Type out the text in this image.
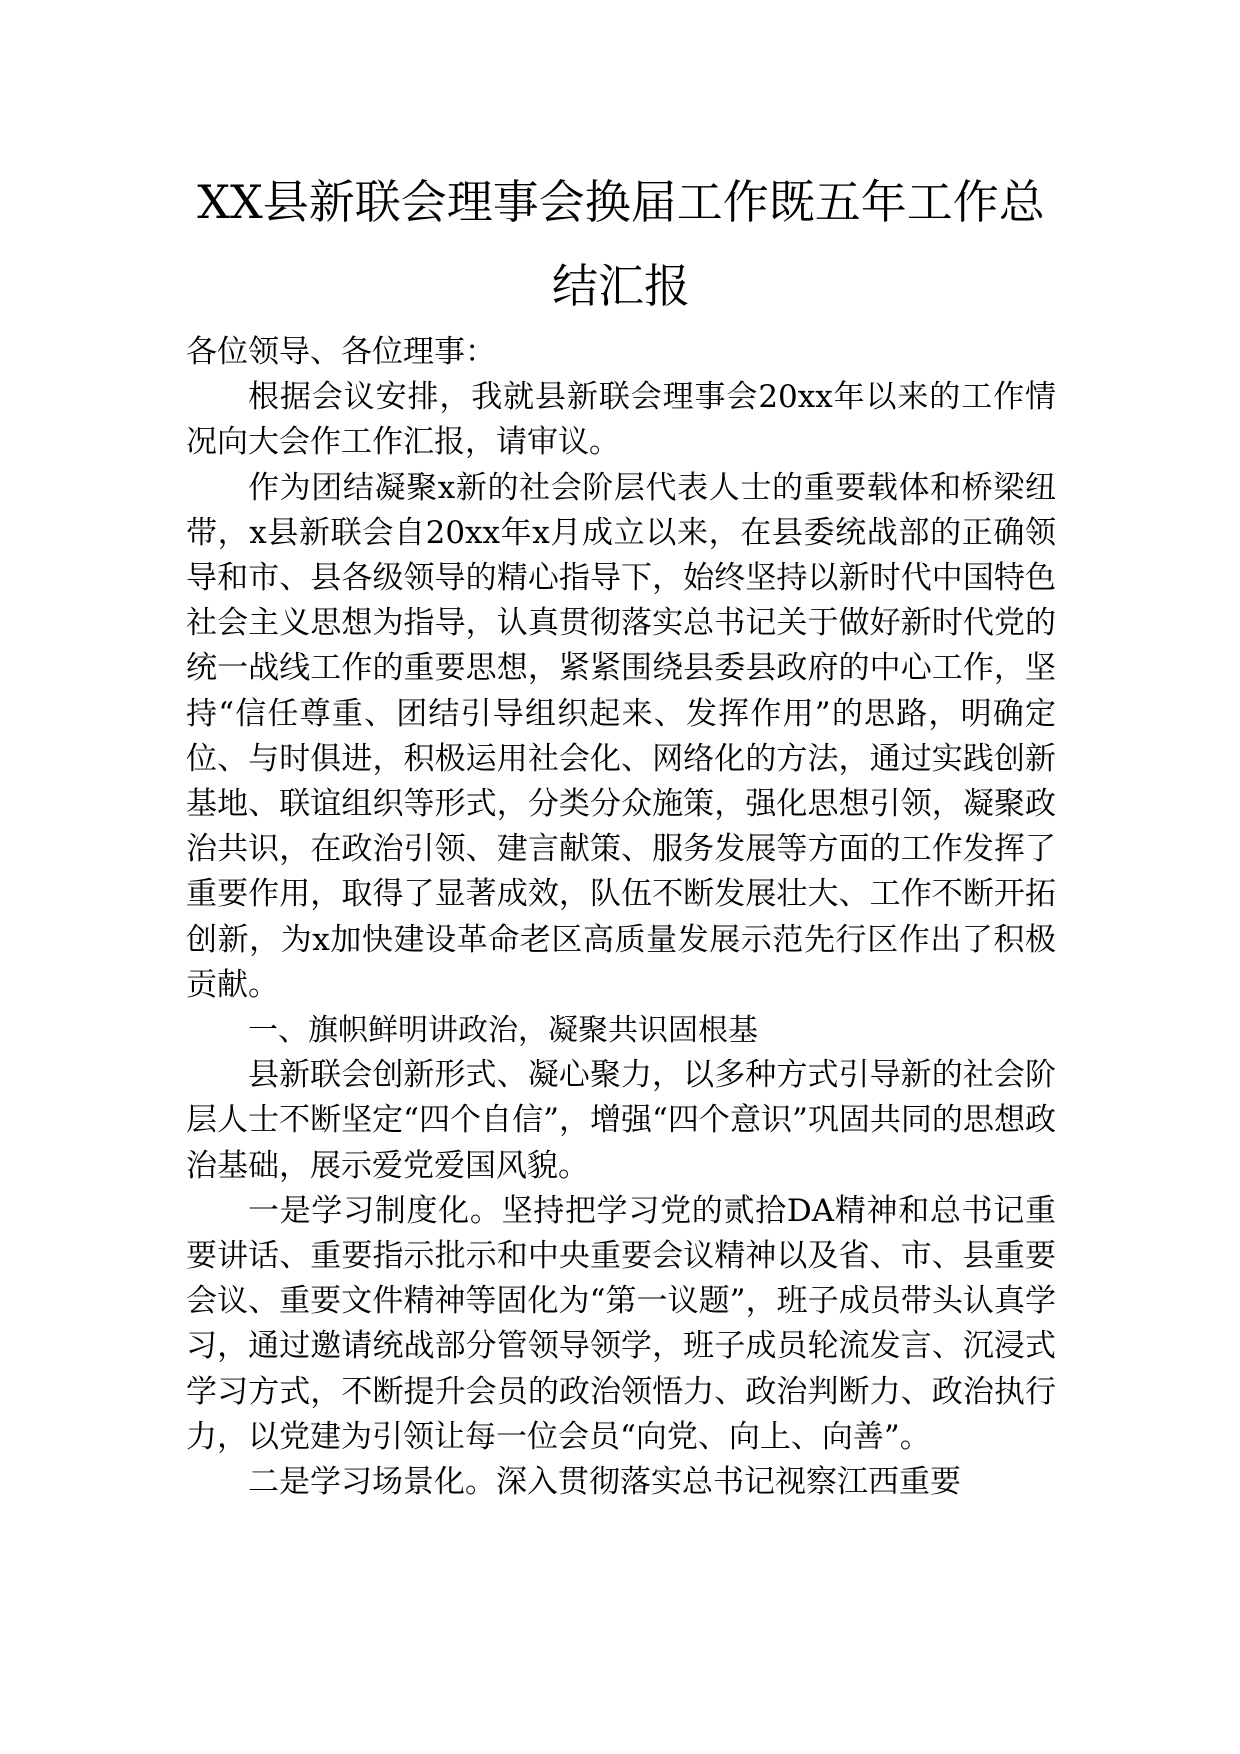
XX县新联会理事会换届工作既五年工作总结汇报

各位领导、各位理事：

根据会议安排，我就县新联会理事会20xx年以来的工作情况向大会作工作汇报，请审议。

作为团结凝聚x新的社会阶层代表人士的重要载体和桥梁纽带，x县新联会自20xx年x月成立以来，在县委统战部的正确领导和市、县各级领导的精心指导下，始终坚持以新时代中国特色社会主义思想为指导，认真贯彻落实总书记关于做好新时代党的统一战线工作的重要思想，紧紧围绕县委县政府的中心工作，坚持“信任尊重、团结引导组织起来、发挥作用”的思路，明确定位、与时俱进，积极运用社会化、网络化的方法，通过实践创新基地、联谊组织等形式，分类分众施策，强化思想引领，凝聚政治共识，在政治引领、建言献策、服务发展等方面的工作发挥了重要作用，取得了显著成效，队伍不断发展壮大、工作不断开拓创新，为x加快建设革命老区高质量发展示范先行区作出了积极贡献。

一、旗帜鲜明讲政治，凝聚共识固根基

县新联会创新形式、凝心聚力，以多种方式引导新的社会阶层人士不断坚定“四个自信”，增强“四个意识”巩固共同的思想政治基础，展示爱党爱国风貌。

一是学习制度化。坚持把学习党的贰拾DA精神和总书记重要讲话、重要指示批示和中央重要会议精神以及省、市、县重要会议、重要文件精神等固化为“第一议题”，班子成员带头认真学习，通过邀请统战部分管领导领学，班子成员轮流发言、沉浸式学习方式，不断提升会员的政治领悟力、政治判断力、政治执行力，以党建为引领让每一位会员“向党、向上、向善”。

二是学习场景化。深入贯彻落实总书记视察江西重要
